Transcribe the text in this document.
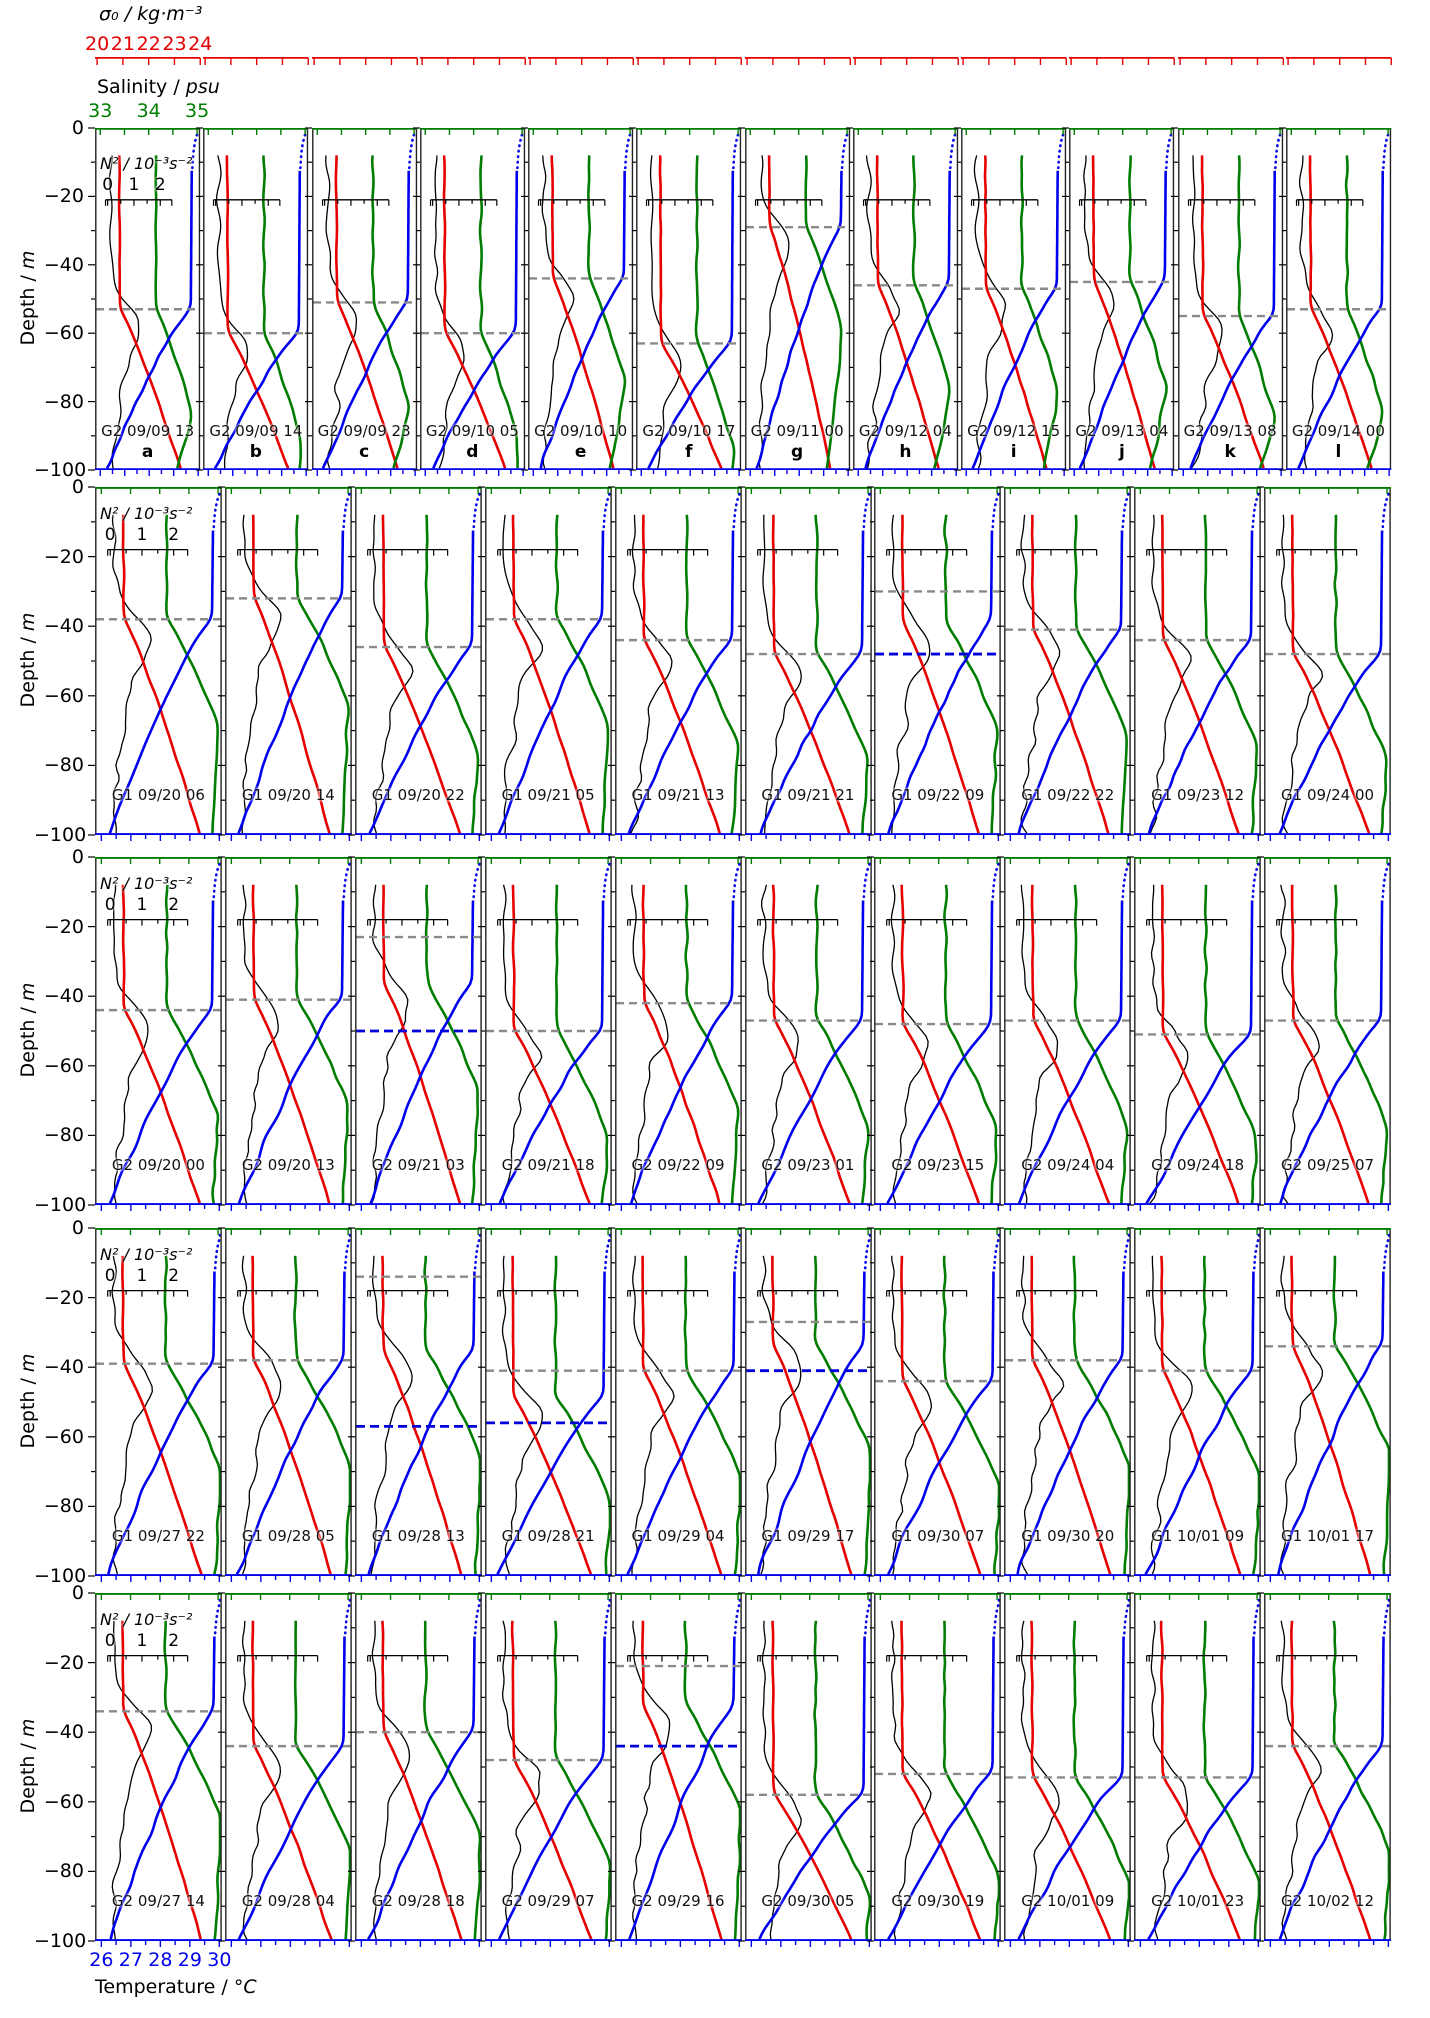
σ₀ / kg·m⁻³
Salinity / psu
Temperature / °C
G2 09/09 13
a
N² / 10⁻³s⁻²
0 1 2
G2 09/09 14
b
G2 09/09 23
c
G2 09/10 05
d
G2 09/10 10
e
G2 09/10 17
f
G2 09/11 00
g
G2 09/12 04
h
G2 09/12 15
i
G2 09/13 04
j
G2 09/13 08
k
G2 09/14 00
l
0
−20
−40
−60
−80
−100
Depth / m
G1 09/20 06
N² / 10⁻³s⁻²
0	1	2
G1 09/20 14	G1 09/20 22	G1 09/21 05	G1 09/21 13	G1 09/21 21	G1 09/22 09	G1 09/22 22	G1 09/23 12	G1 09/24 00
0
−20
−40
−60
−80
−100
Depth / m
G2 09/20 00
N² / 10⁻³s⁻²
0	1	2
G2 09/20 13	G2 09/21 03	G2 09/21 18	G2 09/22 09	G2 09/23 01	G2 09/23 15	G2 09/24 04	G2 09/24 18	G2 09/25 07
0
−20
−40
−60
−80
−100
Depth / m
G1 09/27 22
N² / 10⁻³s⁻²
0	1	2
G1 09/28 05	G1 09/28 13	G1 09/28 21	G1 09/29 04	G1 09/29 17	G1 09/30 07	G1 09/30 20	G1 10/01 09	G1 10/01 17
0
−20
−40
−60
−80
−100
Depth / m
G2 09/27 14
N² / 10⁻³s⁻²
0	1	2
G2 09/28 04	G2 09/28 18	G2 09/29 07	G2 09/29 16	G2 09/30 05	G2 09/30 19	G2 10/01 09	G2 10/01 23	G2 10/02 12
0
−20
−40
−60
−80
−100
Depth / m
20 21 22 23 24
33 34 35
26 27 28 29 30
